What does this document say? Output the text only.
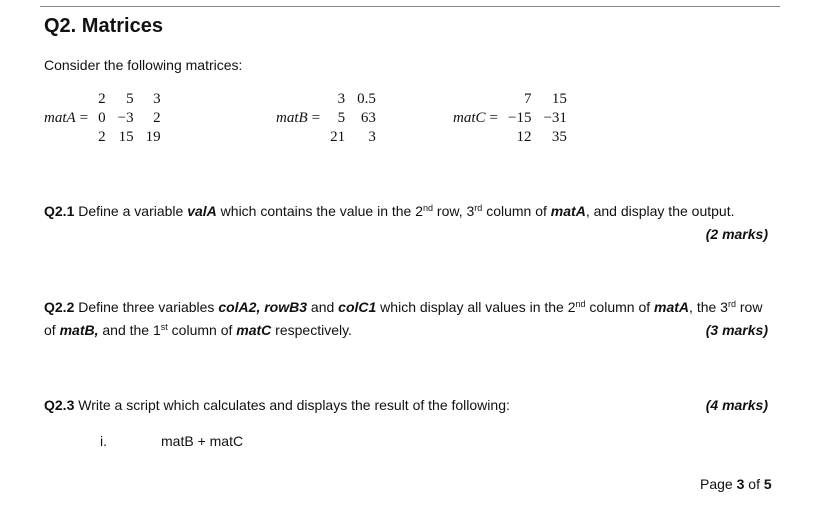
Q2. Matrices
Consider the following matrices:
matA =
2	5	3
0	−3	2
2	15	19
matB =
3	0.5
5	63
21	3
matC =
7	15
−15	−31
12	35
Q2.1 Define a variable valA which contains the value in the 2nd row, 3rd column of matA, and display the output.
(2 marks)
Q2.2 Define three variables colA2, rowB3 and colC1 which display all values in the 2nd column of matA, the 3rd row of matB, and the 1st column of matC respectively.	(3 marks)
Q2.3 Write a script which calculates and displays the result of the following:	(4 marks)
i.	matB + matC
Page 3 of 5
